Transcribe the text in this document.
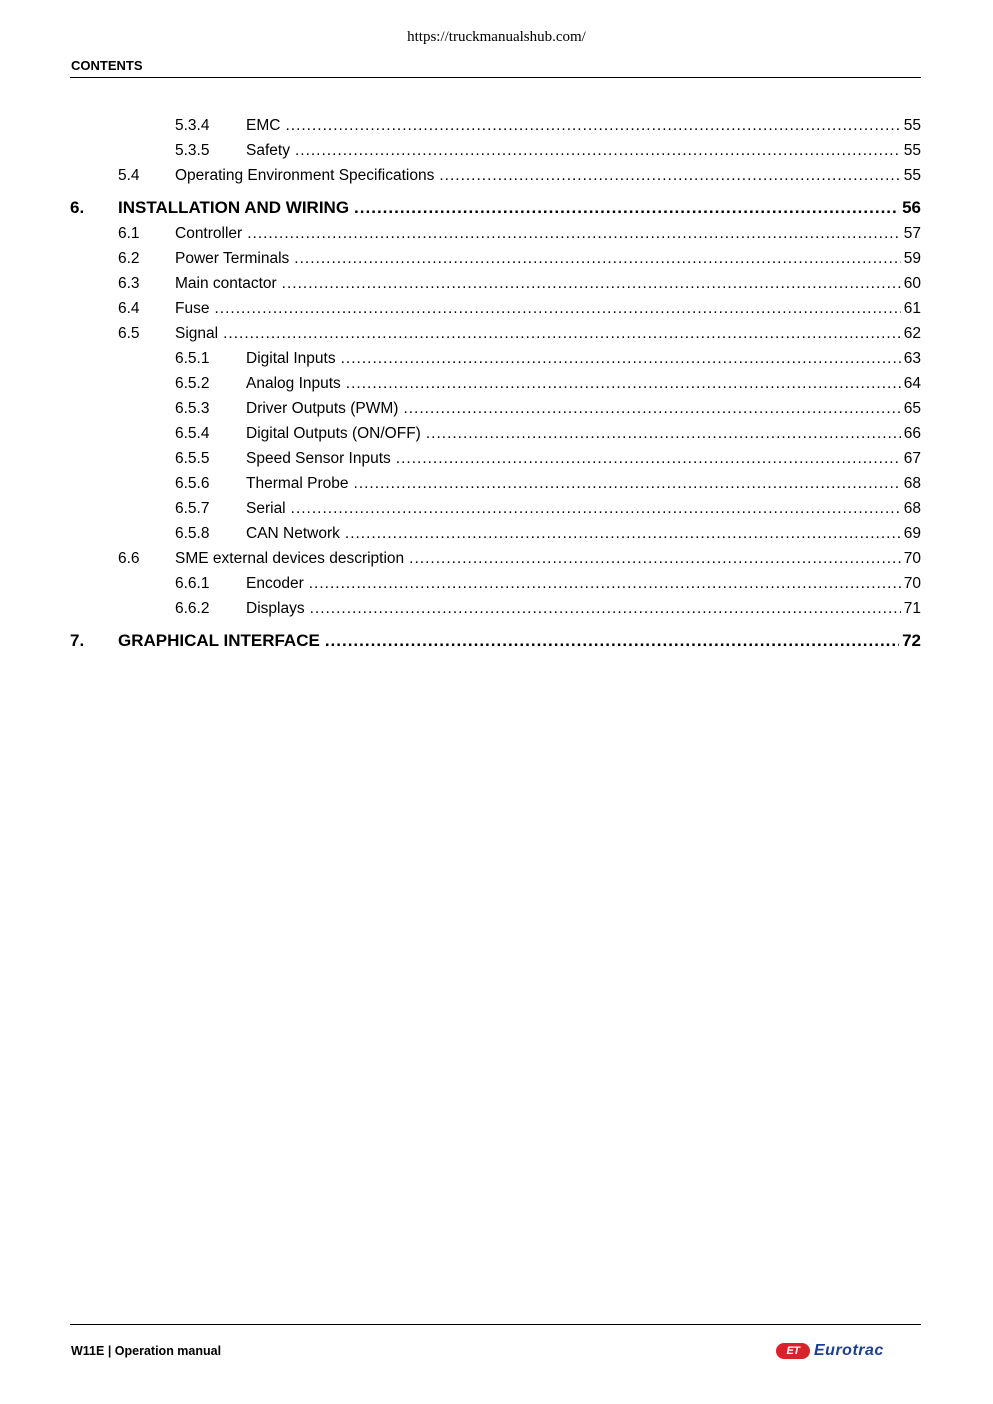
https://truckmanualshub.com/
CONTENTS
5.3.4 EMC .....	55
5.3.5 Safety .....	55
5.4 Operating Environment Specifications .....	55
6. INSTALLATION AND WIRING .....	56
6.1 Controller .....	57
6.2 Power Terminals .....	59
6.3 Main contactor .....	60
6.4 Fuse .....	61
6.5 Signal .....	62
6.5.1 Digital Inputs .....	63
6.5.2 Analog Inputs .....	64
6.5.3 Driver Outputs (PWM) .....	65
6.5.4 Digital Outputs (ON/OFF) .....	66
6.5.5 Speed Sensor Inputs .....	67
6.5.6 Thermal Probe .....	68
6.5.7 Serial .....	68
6.5.8 CAN Network .....	69
6.6 SME external devices description .....	70
6.6.1 Encoder .....	70
6.6.2 Displays .....	71
7. GRAPHICAL INTERFACE .....	72
W11E | Operation manual	ET Eurotrac
